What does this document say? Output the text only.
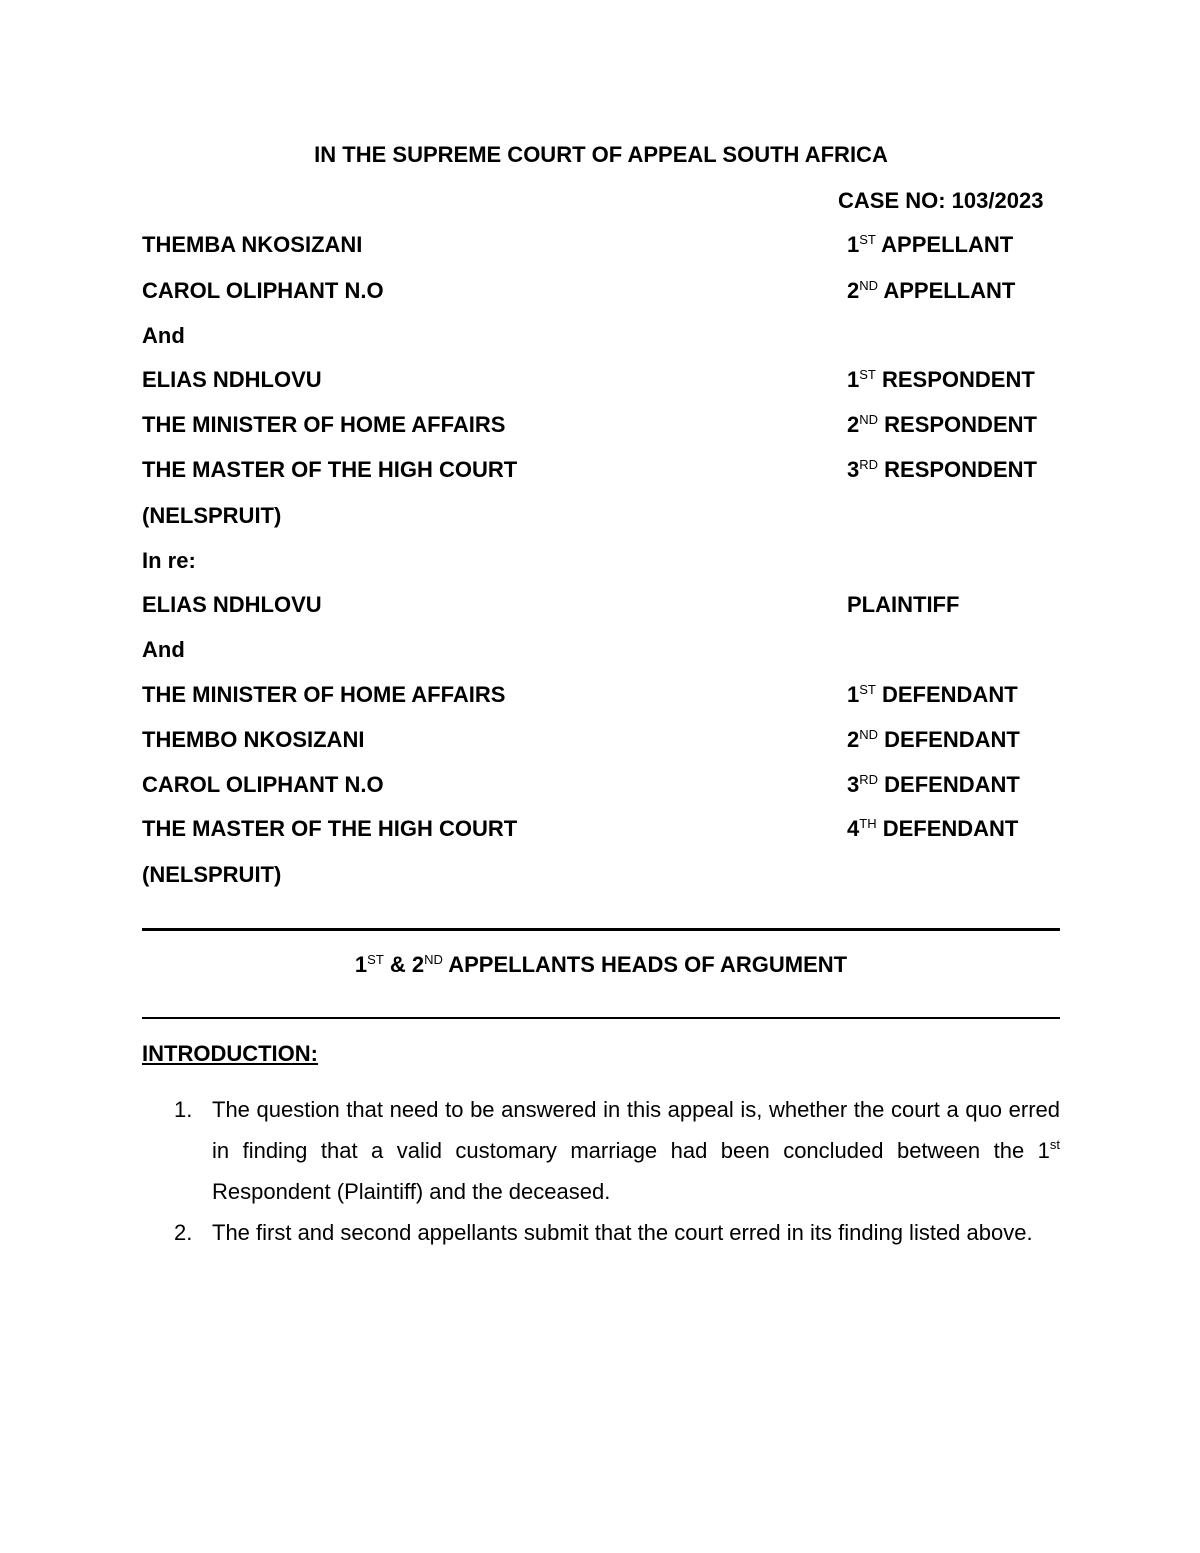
IN THE SUPREME COURT OF APPEAL SOUTH AFRICA
CASE NO: 103/2023
THEMBA NKOSIZANI	1ST APPELLANT
CAROL OLIPHANT N.O	2ND APPELLANT
And
ELIAS NDHLOVU	1ST RESPONDENT
THE MINISTER OF HOME AFFAIRS	2ND RESPONDENT
THE MASTER OF THE HIGH COURT	3RD RESPONDENT
(NELSPRUIT)
In re:
ELIAS NDHLOVU	PLAINTIFF
And
THE MINISTER OF HOME AFFAIRS	1ST DEFENDANT
THEMBO NKOSIZANI	2ND DEFENDANT
CAROL OLIPHANT N.O	3RD DEFENDANT
THE MASTER OF THE HIGH COURT	4TH DEFENDANT
(NELSPRUIT)
1ST & 2ND APPELLANTS HEADS OF ARGUMENT
INTRODUCTION:
1. The question that need to be answered in this appeal is, whether the court a quo erred in finding that a valid customary marriage had been concluded between the 1st Respondent (Plaintiff) and the deceased.
2. The first and second appellants submit that the court erred in its finding listed above.
